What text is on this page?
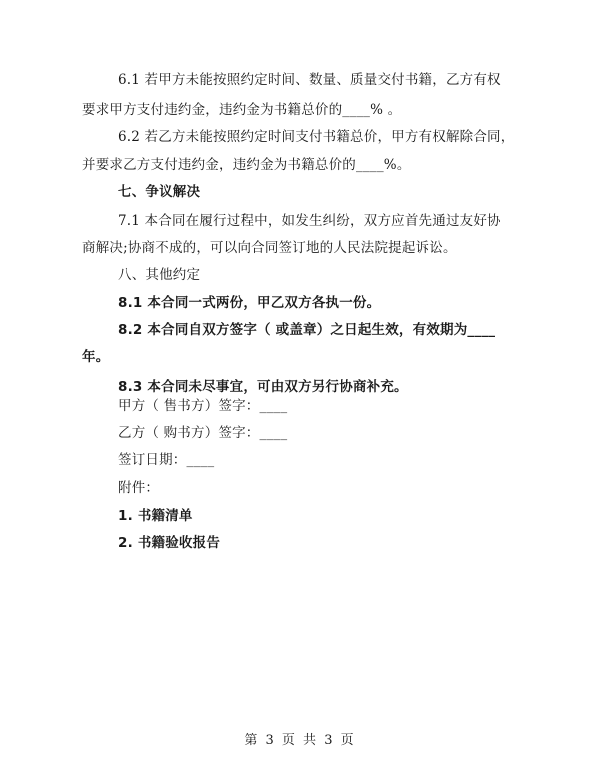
6.1 若甲方未能按照约定时间、数量、质量交付书籍，乙方有权
要求甲方支付违约金，违约金为书籍总价的____% 。
6.2 若乙方未能按照约定时间支付书籍总价，甲方有权解除合同，
并要求乙方支付违约金，违约金为书籍总价的____%。
七、争议解决
7.1 本合同在履行过程中，如发生纠纷，双方应首先通过友好协
商解决;协商不成的，可以向合同签订地的人民法院提起诉讼。
八、其他约定
8.1 本合同一式两份，甲乙双方各执一份。
8.2 本合同自双方签字（ 或盖章）之日起生效，有效期为____
年。
8.3 本合同未尽事宜，可由双方另行协商补充。
甲方（ 售书方）签字：____
乙方（ 购书方）签字：____
签订日期：____
附件：
1. 书籍清单
2. 书籍验收报告
第 3 页 共 3 页
